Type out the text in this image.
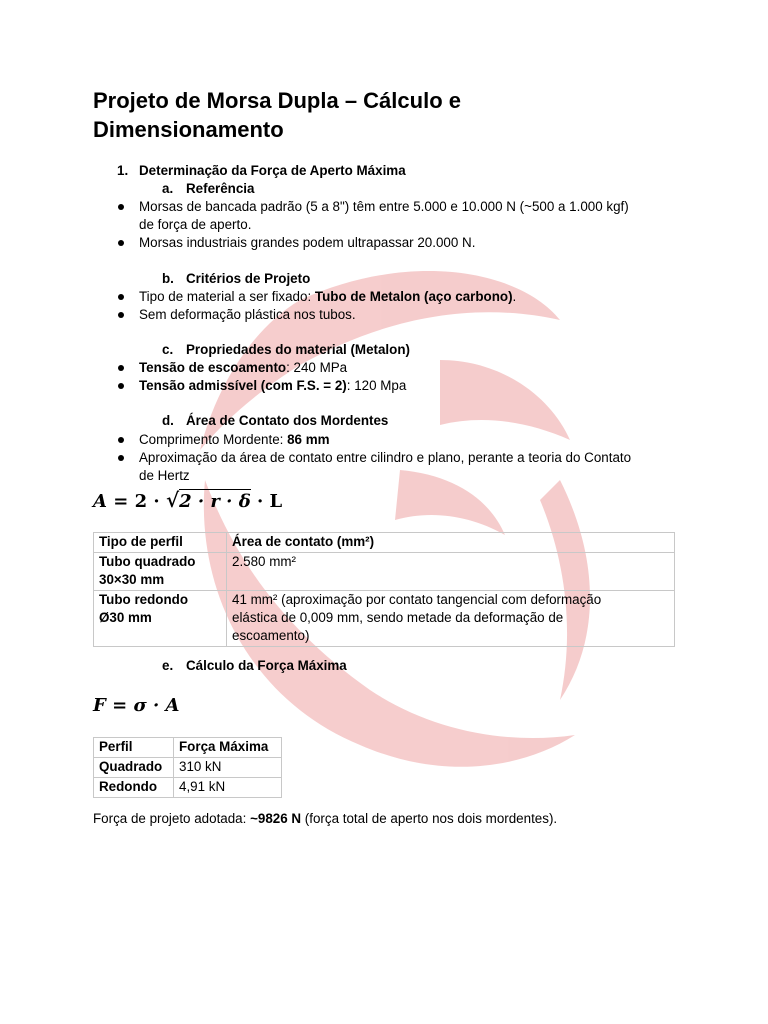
Projeto de Morsa Dupla – Cálculo e Dimensionamento
1. Determinação da Força de Aperto Máxima
a. Referência
Morsas de bancada padrão (5 a 8") têm entre 5.000 e 10.000 N (~500 a 1.000 kgf)
de força de aperto.
Morsas industriais grandes podem ultrapassar 20.000 N.
b. Critérios de Projeto
Tipo de material a ser fixado: Tubo de Metalon (aço carbono).
Sem deformação plástica nos tubos.
c. Propriedades do material (Metalon)
Tensão de escoamento: 240 MPa
Tensão admissível (com F.S. = 2): 120 Mpa
d. Área de Contato dos Mordentes
Comprimento Mordente: 86 mm
Aproximação da área de contato entre cilindro e plano, perante a teoria do Contato
de Hertz
A = 2 · √2 · r · δ · L
Tipo de perfil	Área de contato (mm²)
Tubo quadrado
30×30 mm	2.580 mm²
Tubo redondo
Ø30 mm	41 mm² (aproximação por contato tangencial com deformação
elástica de 0,009 mm, sendo metade da deformação de
escoamento)
e. Cálculo da Força Máxima
F = σ · A
Perfil	Força Máxima
Quadrado	310 kN
Redondo	4,91 kN
Força de projeto adotada: ~9826 N (força total de aperto nos dois mordentes).
